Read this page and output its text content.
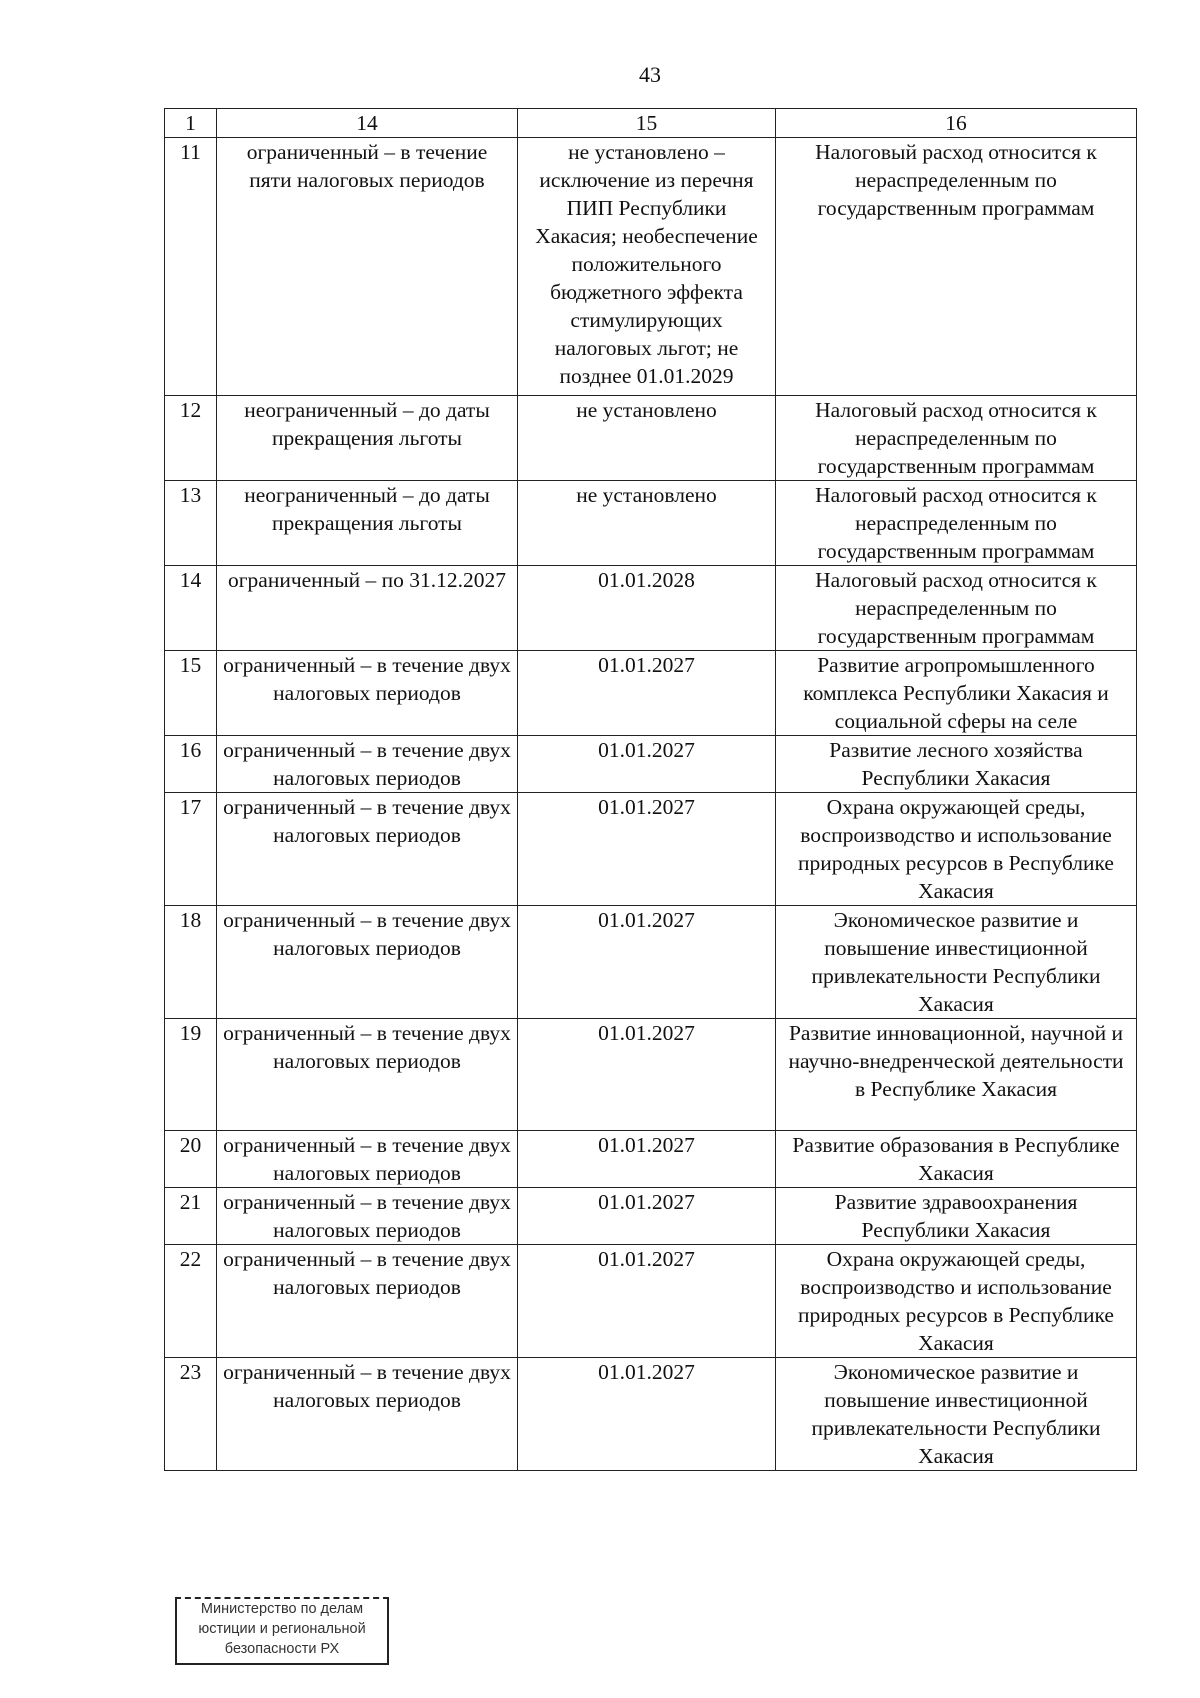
43
1	14	15	16
11	ограниченный – в течение пяти налоговых периодов	не установлено – исключение из перечня ПИП Республики Хакасия; необеспечение положительного бюджетного эффекта стимулирующих налоговых льгот; не позднее 01.01.2029	Налоговый расход относится к нераспределенным по государственным программам
12	неограниченный – до даты прекращения льготы	не установлено	Налоговый расход относится к нераспределенным по государственным программам
13	неограниченный – до даты прекращения льготы	не установлено	Налоговый расход относится к нераспределенным по государственным программам
14	ограниченный – по 31.12.2027	01.01.2028	Налоговый расход относится к нераспределенным по государственным программам
15	ограниченный – в течение двух налоговых периодов	01.01.2027	Развитие агропромышленного комплекса Республики Хакасия и социальной сферы на селе
16	ограниченный – в течение двух налоговых периодов	01.01.2027	Развитие лесного хозяйства Республики Хакасия
17	ограниченный – в течение двух налоговых периодов	01.01.2027	Охрана окружающей среды, воспроизводство и использование природных ресурсов в Республике Хакасия
18	ограниченный – в течение двух налоговых периодов	01.01.2027	Экономическое развитие и повышение инвестиционной привлекательности Республики Хакасия
19	ограниченный – в течение двух налоговых периодов	01.01.2027	Развитие инновационной, научной и научно-внедренческой деятельности в Республике Хакасия
20	ограниченный – в течение двух налоговых периодов	01.01.2027	Развитие образования в Республике Хакасия
21	ограниченный – в течение двух налоговых периодов	01.01.2027	Развитие здравоохранения Республики Хакасия
22	ограниченный – в течение двух налоговых периодов	01.01.2027	Охрана окружающей среды, воспроизводство и использование природных ресурсов в Республике Хакасия
23	ограниченный – в течение двух налоговых периодов	01.01.2027	Экономическое развитие и повышение инвестиционной привлекательности Республики Хакасия
Министерство по делам
юстиции и региональной
безопасности РХ
